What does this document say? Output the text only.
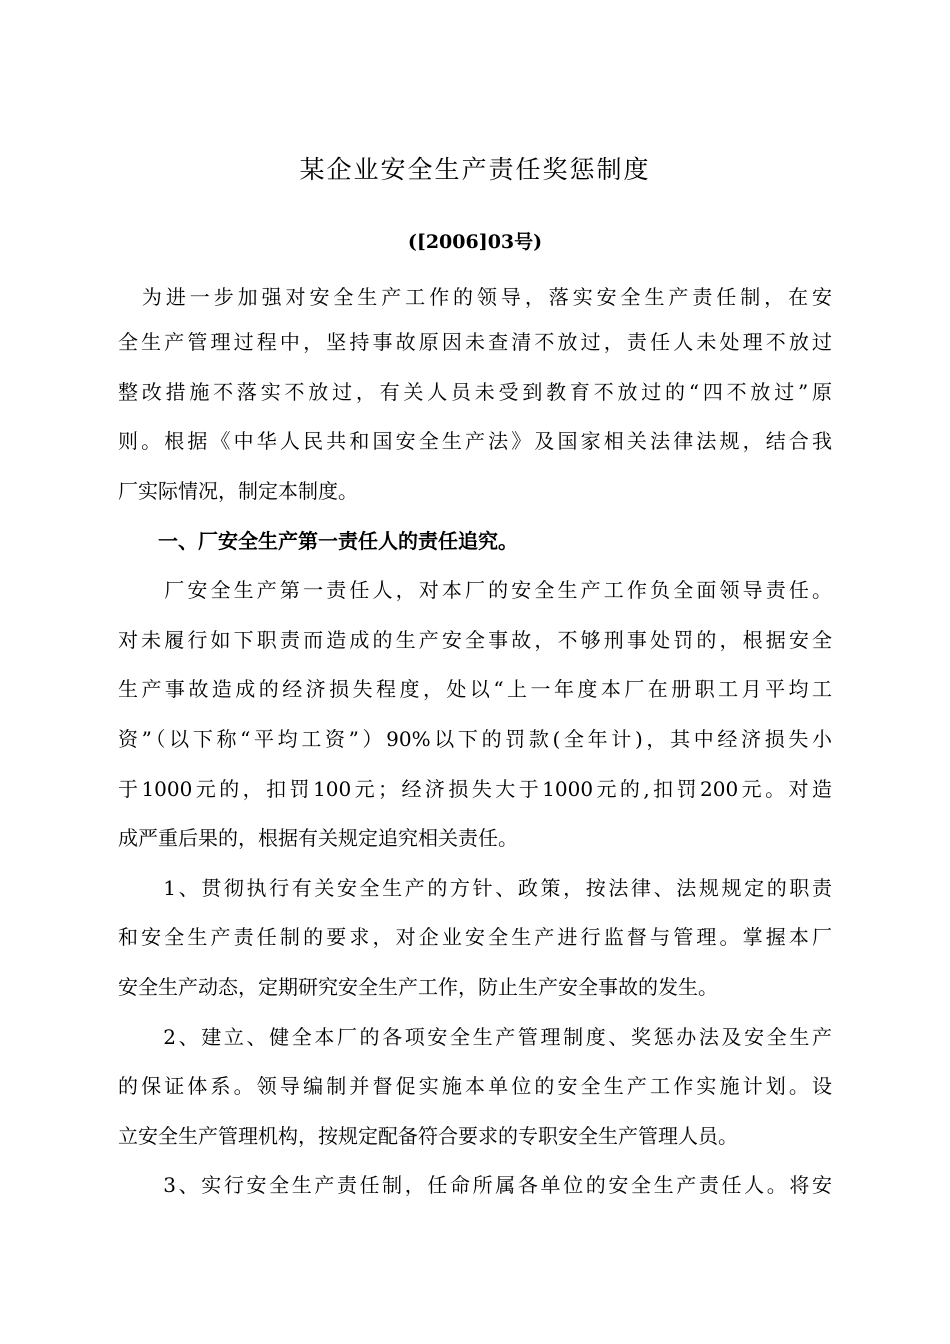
某企业安全生产责任奖惩制度
([2006]03号)
　为进一步加强对安全生产工作的领导，落实安全生产责任制，在安
全生产管理过程中，坚持事故原因未查清不放过，责任人未处理不放过
整改措施不落实不放过，有关人员未受到教育不放过的“四不放过”原
则。根据《中华人民共和国安全生产法》及国家相关法律法规，结合我
厂实际情况，制定本制度。
　　一、厂安全生产第一责任人的责任追究。
　　厂安全生产第一责任人，对本厂的安全生产工作负全面领导责任。
对未履行如下职责而造成的生产安全事故，不够刑事处罚的，根据安全
生产事故造成的经济损失程度，处以“上一年度本厂在册职工月平均工
资”（以下称“平均工资”）90%以下的罚款(全年计)，其中经济损失小
于1000元的，扣罚100元；经济损失大于1000元的,扣罚200元。对造
成严重后果的，根据有关规定追究相关责任。
　　1、贯彻执行有关安全生产的方针、政策，按法律、法规规定的职责
和安全生产责任制的要求，对企业安全生产进行监督与管理。掌握本厂
安全生产动态，定期研究安全生产工作，防止生产安全事故的发生。
　　2、建立、健全本厂的各项安全生产管理制度、奖惩办法及安全生产
的保证体系。领导编制并督促实施本单位的安全生产工作实施计划。设
立安全生产管理机构，按规定配备符合要求的专职安全生产管理人员。
　　3、实行安全生产责任制，任命所属各单位的安全生产责任人。将安
